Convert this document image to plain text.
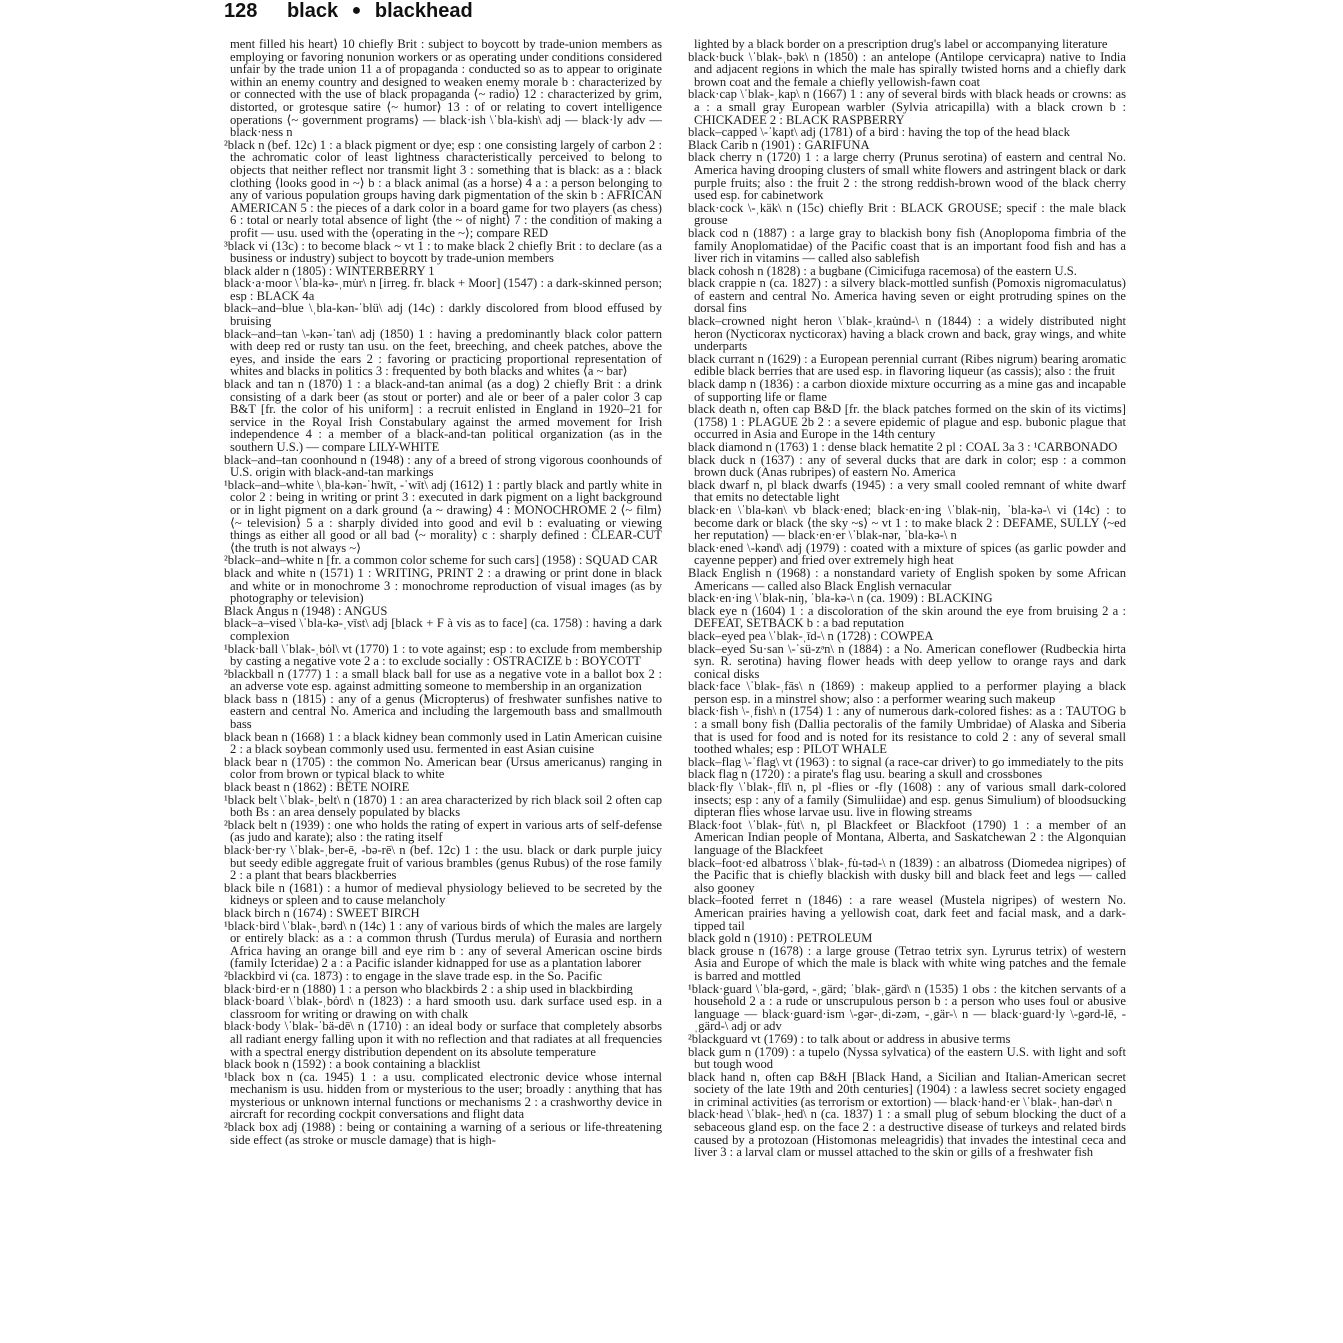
128 black ● blackhead

ment filled his heart⟩ 10 chiefly Brit : subject to boycott by trade-union members as employing or favoring nonunion workers or as operating under conditions considered unfair by the trade union 11 a of propaganda : conducted so as to appear to originate within an enemy country and designed to weaken enemy morale b : characterized by or connected with the use of black propaganda ⟨~ radio⟩ 12 : characterized by grim, distorted, or grotesque satire ⟨~ humor⟩ 13 : of or relating to covert intelligence operations ⟨~ government programs⟩ — black·ish \ˈbla-kish\ adj — black·ly adv — black·ness n

²black n (bef. 12c) 1 : a black pigment or dye; esp : one consisting largely of carbon 2 : the achromatic color of least lightness characteristically perceived to belong to objects that neither reflect nor transmit light 3 : something that is black: as a : black clothing ⟨looks good in ~⟩ b : a black animal (as a horse) 4 a : a person belonging to any of various population groups having dark pigmentation of the skin b : AFRICAN AMERICAN 5 : the pieces of a dark color in a board game for two players (as chess) 6 : total or nearly total absence of light ⟨the ~ of night⟩ 7 : the condition of making a profit — usu. used with the ⟨operating in the ~⟩; compare RED

³black vi (13c) : to become black ~ vt 1 : to make black 2 chiefly Brit : to declare (as a business or industry) subject to boycott by trade-union members

black alder n (1805) : WINTERBERRY 1

black·a·moor \ˈbla-kə-ˌmu̇r\ n [irreg. fr. black + Moor] (1547) : a dark-skinned person; esp : BLACK 4a

black–and–blue \ˌbla-kən-ˈblü\ adj (14c) : darkly discolored from blood effused by bruising

black–and–tan \-kən-ˈtan\ adj (1850) 1 : having a predominantly black color pattern with deep red or rusty tan usu. on the feet, breeching, and cheek patches, above the eyes, and inside the ears 2 : favoring or practicing proportional representation of whites and blacks in politics 3 : frequented by both blacks and whites ⟨a ~ bar⟩

black and tan n (1870) 1 : a black-and-tan animal (as a dog) 2 chiefly Brit : a drink consisting of a dark beer (as stout or porter) and ale or beer of a paler color 3 cap B&T [fr. the color of his uniform] : a recruit enlisted in England in 1920–21 for service in the Royal Irish Constabulary against the armed movement for Irish independence 4 : a member of a black-and-tan political organization (as in the southern U.S.) — compare LILY-WHITE

black–and–tan coonhound n (1948) : any of a breed of strong vigorous coonhounds of U.S. origin with black-and-tan markings

¹black–and–white \ˌbla-kən-ˈhwīt, -ˈwīt\ adj (1612) 1 : partly black and partly white in color 2 : being in writing or print 3 : executed in dark pigment on a light background or in light pigment on a dark ground ⟨a ~ drawing⟩ 4 : MONOCHROME 2 ⟨~ film⟩ ⟨~ television⟩ 5 a : sharply divided into good and evil b : evaluating or viewing things as either all good or all bad ⟨~ morality⟩ c : sharply defined : CLEAR-CUT ⟨the truth is not always ~⟩

²black–and–white n [fr. a common color scheme for such cars] (1958) : SQUAD CAR

black and white n (1571) 1 : WRITING, PRINT 2 : a drawing or print done in black and white or in monochrome 3 : monochrome reproduction of visual images (as by photography or television)

Black Angus n (1948) : ANGUS

black–a–vised \ˈbla-kə-ˌvīst\ adj [black + F à vis as to face] (ca. 1758) : having a dark complexion

¹black·ball \ˈblak-ˌbȯl\ vt (1770) 1 : to vote against; esp : to exclude from membership by casting a negative vote 2 a : to exclude socially : OSTRACIZE b : BOYCOTT

²blackball n (1777) 1 : a small black ball for use as a negative vote in a ballot box 2 : an adverse vote esp. against admitting someone to membership in an organization

black bass n (1815) : any of a genus (Micropterus) of freshwater sunfishes native to eastern and central No. America and including the largemouth bass and smallmouth bass

black bean n (1668) 1 : a black kidney bean commonly used in Latin American cuisine 2 : a black soybean commonly used usu. fermented in east Asian cuisine

black bear n (1705) : the common No. American bear (Ursus americanus) ranging in color from brown or typical black to white

black beast n (1862) : BÊTE NOIRE

¹black belt \ˈblak-ˌbelt\ n (1870) 1 : an area characterized by rich black soil 2 often cap both Bs : an area densely populated by blacks

²black belt n (1939) : one who holds the rating of expert in various arts of self-defense (as judo and karate); also : the rating itself

black·ber·ry \ˈblak-ˌber-ē, -bə-rē\ n (bef. 12c) 1 : the usu. black or dark purple juicy but seedy edible aggregate fruit of various brambles (genus Rubus) of the rose family 2 : a plant that bears blackberries

black bile n (1681) : a humor of medieval physiology believed to be secreted by the kidneys or spleen and to cause melancholy

black birch n (1674) : SWEET BIRCH

¹black·bird \ˈblak-ˌbərd\ n (14c) 1 : any of various birds of which the males are largely or entirely black: as a : a common thrush (Turdus merula) of Eurasia and northern Africa having an orange bill and eye rim b : any of several American oscine birds (family Icteridae) 2 a : a Pacific islander kidnapped for use as a plantation laborer

²blackbird vi (ca. 1873) : to engage in the slave trade esp. in the So. Pacific

black·bird·er n (1880) 1 : a person who blackbirds 2 : a ship used in blackbirding

black·board \ˈblak-ˌbȯrd\ n (1823) : a hard smooth usu. dark surface used esp. in a classroom for writing or drawing on with chalk

black·body \ˈblak-ˈbä-dē\ n (1710) : an ideal body or surface that completely absorbs all radiant energy falling upon it with no reflection and that radiates at all frequencies with a spectral energy distribution dependent on its absolute temperature

black book n (1592) : a book containing a blacklist

¹black box n (ca. 1945) 1 : a usu. complicated electronic device whose internal mechanism is usu. hidden from or mysterious to the user; broadly : anything that has mysterious or unknown internal functions or mechanisms 2 : a crashworthy device in aircraft for recording cockpit conversations and flight data

²black box adj (1988) : being or containing a warning of a serious or life-threatening side effect (as stroke or muscle damage) that is high-

lighted by a black border on a prescription drug's label or accompanying literature

black·buck \ˈblak-ˌbək\ n (1850) : an antelope (Antilope cervicapra) native to India and adjacent regions in which the male has spirally twisted horns and a chiefly dark brown coat and the female a chiefly yellowish-fawn coat

black·cap \ˈblak-ˌkap\ n (1667) 1 : any of several birds with black heads or crowns: as a : a small gray European warbler (Sylvia atricapilla) with a black crown b : CHICKADEE 2 : BLACK RASPBERRY

black–capped \-ˈkapt\ adj (1781) of a bird : having the top of the head black

Black Carib n (1901) : GARIFUNA

black cherry n (1720) 1 : a large cherry (Prunus serotina) of eastern and central No. America having drooping clusters of small white flowers and astringent black or dark purple fruits; also : the fruit 2 : the strong reddish-brown wood of the black cherry used esp. for cabinetwork

black·cock \-ˌkäk\ n (15c) chiefly Brit : BLACK GROUSE; specif : the male black grouse

black cod n (1887) : a large gray to blackish bony fish (Anoplopoma fimbria of the family Anoplomatidae) of the Pacific coast that is an important food fish and has a liver rich in vitamins — called also sablefish

black cohosh n (1828) : a bugbane (Cimicifuga racemosa) of the eastern U.S.

black crappie n (ca. 1827) : a silvery black-mottled sunfish (Pomoxis nigromaculatus) of eastern and central No. America having seven or eight protruding spines on the dorsal fins

black–crowned night heron \ˈblak-ˌkrau̇nd-\ n (1844) : a widely distributed night heron (Nycticorax nycticorax) having a black crown and back, gray wings, and white underparts

black currant n (1629) : a European perennial currant (Ribes nigrum) bearing aromatic edible black berries that are used esp. in flavoring liqueur (as cassis); also : the fruit

black damp n (1836) : a carbon dioxide mixture occurring as a mine gas and incapable of supporting life or flame

black death n, often cap B&D [fr. the black patches formed on the skin of its victims] (1758) 1 : PLAGUE 2b 2 : a severe epidemic of plague and esp. bubonic plague that occurred in Asia and Europe in the 14th century

black diamond n (1763) 1 : dense black hematite 2 pl : COAL 3a 3 : ¹CARBONADO

black duck n (1637) : any of several ducks that are dark in color; esp : a common brown duck (Anas rubripes) of eastern No. America

black dwarf n, pl black dwarfs (1945) : a very small cooled remnant of white dwarf that emits no detectable light

black·en \ˈbla-kən\ vb black·ened; black·en·ing \ˈblak-niŋ, ˈbla-kə-\ vi (14c) : to become dark or black ⟨the sky ~s⟩ ~ vt 1 : to make black 2 : DEFAME, SULLY ⟨~ed her reputation⟩ — black·en·er \ˈblak-nər, ˈbla-kə-\ n

black·ened \-kənd\ adj (1979) : coated with a mixture of spices (as garlic powder and cayenne pepper) and fried over extremely high heat

Black English n (1968) : a nonstandard variety of English spoken by some African Americans — called also Black English vernacular

black·en·ing \ˈblak-niŋ, ˈbla-kə-\ n (ca. 1909) : BLACKING

black eye n (1604) 1 : a discoloration of the skin around the eye from bruising 2 a : DEFEAT, SETBACK b : a bad reputation

black–eyed pea \ˈblak-ˌīd-\ n (1728) : COWPEA

black–eyed Su·san \-ˈsü-zᵊn\ n (1884) : a No. American coneflower (Rudbeckia hirta syn. R. serotina) having flower heads with deep yellow to orange rays and dark conical disks

black·face \ˈblak-ˌfās\ n (1869) : makeup applied to a performer playing a black person esp. in a minstrel show; also : a performer wearing such makeup

black·fish \-ˌfish\ n (1754) 1 : any of numerous dark-colored fishes: as a : TAUTOG b : a small bony fish (Dallia pectoralis of the family Umbridae) of Alaska and Siberia that is used for food and is noted for its resistance to cold 2 : any of several small toothed whales; esp : PILOT WHALE

black–flag \-ˈflag\ vt (1963) : to signal (a race-car driver) to go immediately to the pits

black flag n (1720) : a pirate's flag usu. bearing a skull and crossbones

black·fly \ˈblak-ˌflī\ n, pl -flies or -fly (1608) : any of various small dark-colored insects; esp : any of a family (Simuliidae) and esp. genus Simulium) of bloodsucking dipteran flies whose larvae usu. live in flowing streams

Black·foot \ˈblak-ˌfu̇t\ n, pl Blackfeet or Blackfoot (1790) 1 : a member of an American Indian people of Montana, Alberta, and Saskatchewan 2 : the Algonquian language of the Blackfeet

black–foot·ed albatross \ˈblak-ˌfu̇-təd-\ n (1839) : an albatross (Diomedea nigripes) of the Pacific that is chiefly blackish with dusky bill and black feet and legs — called also gooney

black–footed ferret n (1846) : a rare weasel (Mustela nigripes) of western No. American prairies having a yellowish coat, dark feet and facial mask, and a dark-tipped tail

black gold n (1910) : PETROLEUM

black grouse n (1678) : a large grouse (Tetrao tetrix syn. Lyrurus tetrix) of western Asia and Europe of which the male is black with white wing patches and the female is barred and mottled

¹black·guard \ˈbla-gərd, -ˌgärd; ˈblak-ˌgärd\ n (1535) 1 obs : the kitchen servants of a household 2 a : a rude or unscrupulous person b : a person who uses foul or abusive language — black·guard·ism \-gər-ˌdi-zəm, -ˌgär-\ n — black·guard·ly \-gərd-lē, -ˌgärd-\ adj or adv

²blackguard vt (1769) : to talk about or address in abusive terms

black gum n (1709) : a tupelo (Nyssa sylvatica) of the eastern U.S. with light and soft but tough wood

black hand n, often cap B&H [Black Hand, a Sicilian and Italian-American secret society of the late 19th and 20th centuries] (1904) : a lawless secret society engaged in criminal activities (as terrorism or extortion) — black·hand·er \ˈblak-ˌhan-dər\ n

black·head \ˈblak-ˌhed\ n (ca. 1837) 1 : a small plug of sebum blocking the duct of a sebaceous gland esp. on the face 2 : a destructive disease of turkeys and related birds caused by a protozoan (Histomonas meleagridis) that invades the intestinal ceca and liver 3 : a larval clam or mussel attached to the skin or gills of a freshwater fish
